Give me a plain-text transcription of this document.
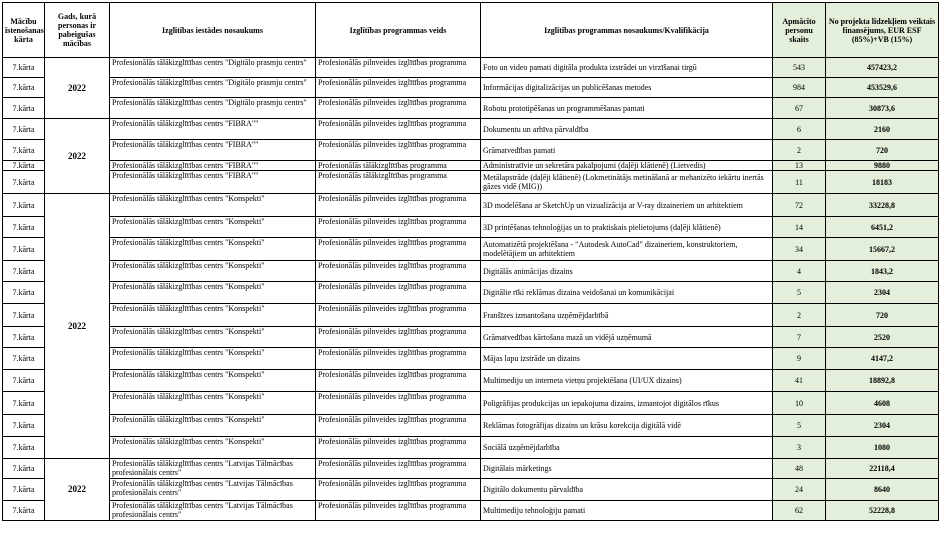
Mācību īstenošanas kārta	Gads, kurā personas ir pabeigušas mācības	Izglītības iestādes nosaukums	Izglītības programmas veids	Izglītības programmas nosaukums/Kvalifikācija	Apmācīto personu skaits	No projekta līdzekļiem veiktais finansējums, EUR ESF (85%)+VB (15%)
7.kārta	2022	Profesionālās tālākizglītības centrs "Digitālo prasmju centrs"	Profesionālās pilnveides izglītības programma	Foto un video pamati digitāla produkta izstrādei un virzīšanai tirgū	543	457423,2
7.kārta		Profesionālās tālākizglītības centrs "Digitālo prasmju centrs"	Profesionālās pilnveides izglītības programma	Informācijas digitalizācijas un publicēšanas metodes	984	453529,6
7.kārta		Profesionālās tālākizglītības centrs "Digitālo prasmju centrs"	Profesionālās pilnveides izglītības programma	Robotu prototipēšanas un programmēšanas pamati	67	30873,6
7.kārta	2022	Profesionālās tālākizglītības centrs "FIBRA""	Profesionālās pilnveides izglītības programma	Dokumentu un arhīva pārvaldība	6	2160
7.kārta		Profesionālās tālākizglītības centrs "FIBRA""	Profesionālās pilnveides izglītības programma	Grāmatvedības pamati	2	720
7.kārta		Profesionālās tālākizglītības centrs "FIBRA""	Profesionālās tālākizglītības programma	Administratīvie un sekretāra pakalpojumi (daļēji klātienē) (Lietvedis)	13	9880
7.kārta		Profesionālās tālākizglītības centrs "FIBRA""	Profesionālās tālākizglītības programma	Metālapstrāde (daļēji klātienē) (Lokmetinātājs metināšanā ar mehanizēto iekārtu inertās gāzes vidē (MIG))	11	18183
7.kārta	2022	Profesionālās tālākizglītības centrs "Konspekti"	Profesionālās pilnveides izglītības programma	3D modelēšana ar SketchUp un vizualizācija ar V-ray dizaineriem un arhitektiem	72	33228,8
7.kārta		Profesionālās tālākizglītības centrs "Konspekti"	Profesionālās pilnveides izglītības programma	3D printēšanas tehnoloģijas un to praktiskais pielietojums (daļēji klātienē)	14	6451,2
7.kārta		Profesionālās tālākizglītības centrs "Konspekti"	Profesionālās pilnveides izglītības programma	Automatizētā projektēšana - "Autodesk AutoCad" dizaineriem, konstruktoriem, modelētājiem un arhitektiem	34	15667,2
7.kārta		Profesionālās tālākizglītības centrs "Konspekti"	Profesionālās pilnveides izglītības programma	Digitālās animācijas dizains	4	1843,2
7.kārta		Profesionālās tālākizglītības centrs "Konspekti"	Profesionālās pilnveides izglītības programma	Digitālie rīki reklāmas dizaina veidošanai un komunikācijai	5	2304
7.kārta		Profesionālās tālākizglītības centrs "Konspekti"	Profesionālās pilnveides izglītības programma	Franšīzes izmantošana uzņēmējdarbībā	2	720
7.kārta		Profesionālās tālākizglītības centrs "Konspekti"	Profesionālās pilnveides izglītības programma	Grāmatvedības kārtošana mazā un vidējā uzņēmumā	7	2520
7.kārta		Profesionālās tālākizglītības centrs "Konspekti"	Profesionālās pilnveides izglītības programma	Mājas lapu izstrāde un dizains	9	4147,2
7.kārta		Profesionālās tālākizglītības centrs "Konspekti"	Profesionālās pilnveides izglītības programma	Multimediju un interneta vietņu projektēšana (UI/UX dizains)	41	18892,8
7.kārta		Profesionālās tālākizglītības centrs "Konspekti"	Profesionālās pilnveides izglītības programma	Poligrāfijas produkcijas un iepakojuma dizains, izmantojot digitālos rīkus	10	4608
7.kārta		Profesionālās tālākizglītības centrs "Konspekti"	Profesionālās pilnveides izglītības programma	Reklāmas fotogrāfijas dizains un krāsu korekcija digitālā vidē	5	2304
7.kārta		Profesionālās tālākizglītības centrs "Konspekti"	Profesionālās pilnveides izglītības programma	Sociālā uzņēmējdarbība	3	1080
7.kārta	2022	Profesionālās tālākizglītības centrs "Latvijas Tālmācības profesionālais centrs"	Profesionālās pilnveides izglītības programma	Digitālais mārketings	48	22118,4
7.kārta		Profesionālās tālākizglītības centrs "Latvijas Tālmācības profesionālais centrs"	Profesionālās pilnveides izglītības programma	Digitālo dokumentu pārvaldība	24	8640
7.kārta		Profesionālās tālākizglītības centrs "Latvijas Tālmācības profesionālais centrs"	Profesionālās pilnveides izglītības programma	Multimediju tehnoloģiju pamati	62	52228,8
